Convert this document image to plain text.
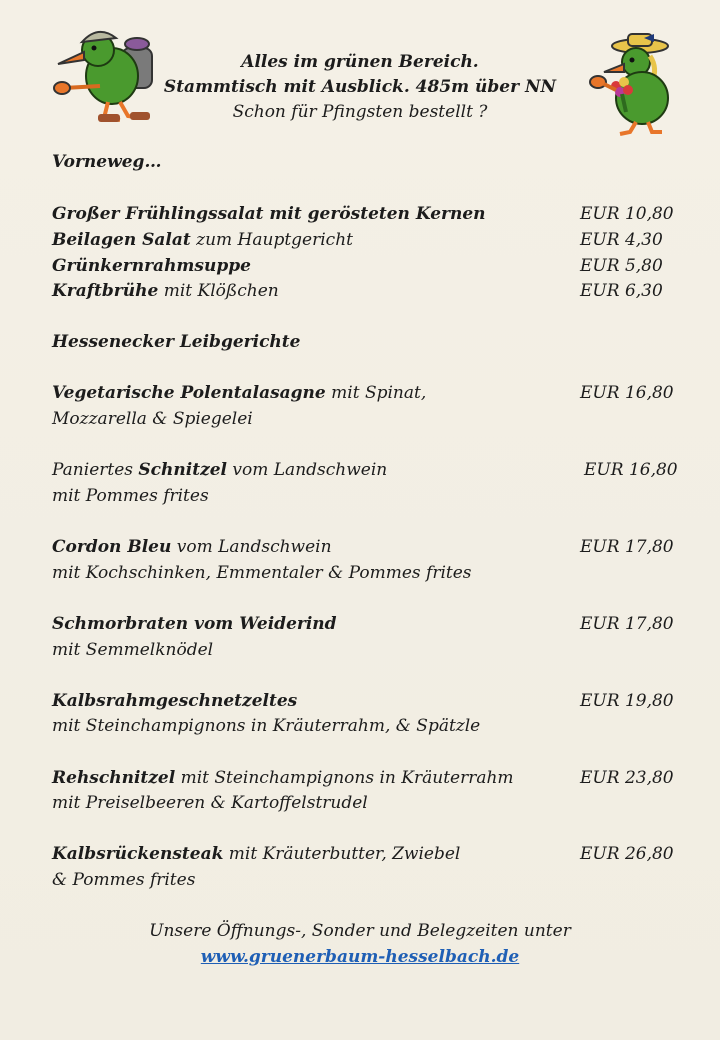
Alles im grünen Bereich.
Stammtisch mit Ausblick. 485m über NN
Schon für Pfingsten bestellt ?
Vorneweg…
Großer Frühlingssalat mit gerösteten Kernen	EUR 10,80
Beilagen Salat zum Hauptgericht	EUR 4,30
Grünkernrahmsuppe	EUR 5,80
Kraftbrühe mit Klößchen	EUR 6,30
Hessenecker Leibgerichte
Vegetarische Polentalasagne mit Spinat,
Mozzarella & Spiegelei
EUR 16,80
Paniertes Schnitzel vom Landschwein
mit Pommes frites
EUR 16,80
Cordon Bleu vom Landschwein
mit Kochschinken, Emmentaler & Pommes frites
EUR 17,80
Schmorbraten vom Weiderind
mit Semmelknödel
EUR 17,80
Kalbsrahmgeschnetzeltes
mit Steinchampignons in Kräuterrahm, & Spätzle
EUR 19,80
Rehschnitzel mit Steinchampignons in Kräuterrahm
mit Preiselbeeren & Kartoffelstrudel
EUR 23,80
Kalbsrückensteak mit Kräuterbutter, Zwiebel
& Pommes frites
EUR 26,80
Unsere Öffnungs-, Sonder und Belegzeiten unter
www.gruenerbaum-hesselbach.de
